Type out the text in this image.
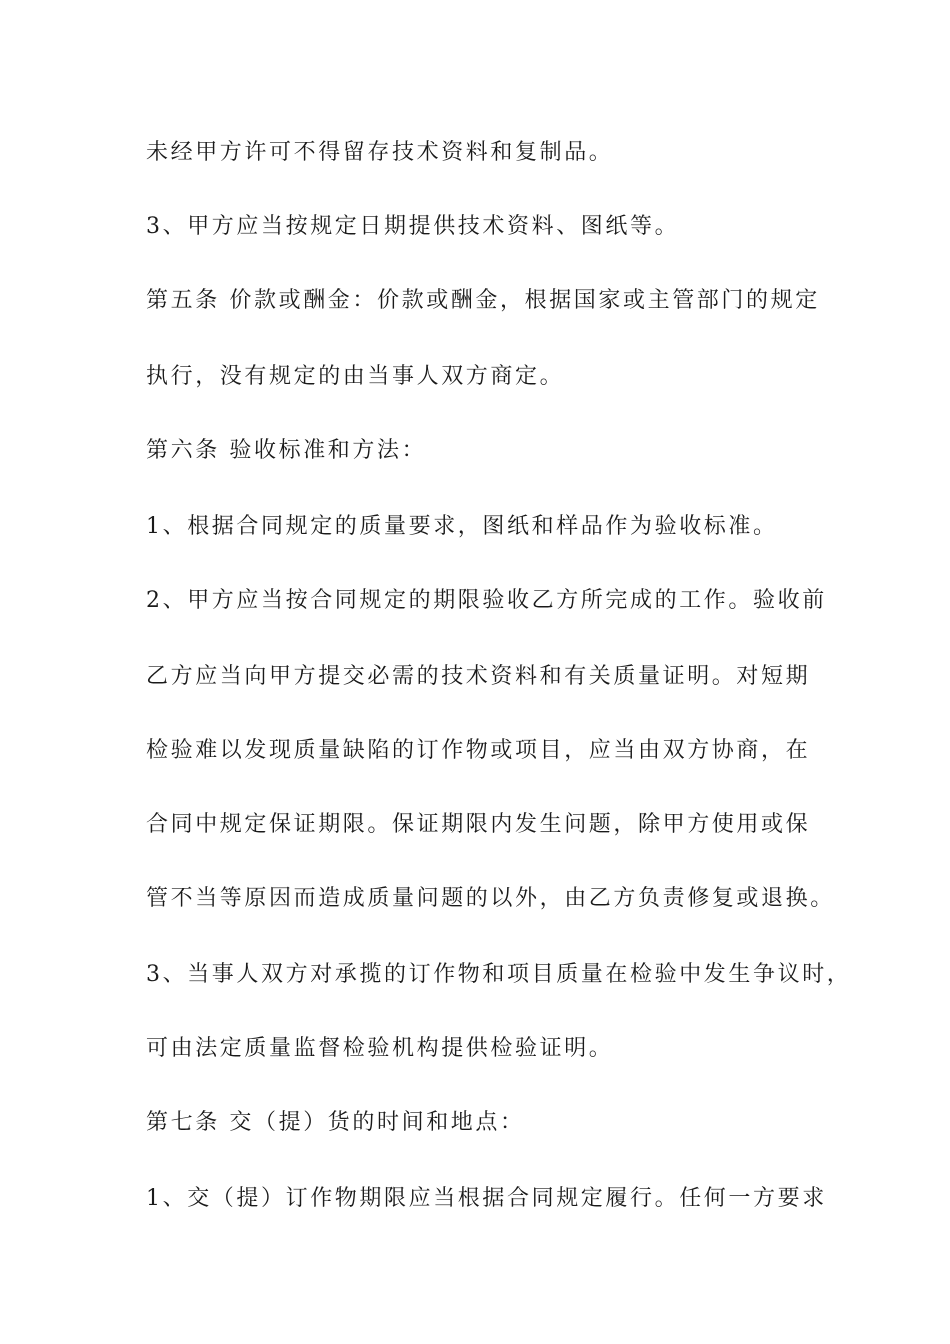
未经甲方许可不得留存技术资料和复制品。
3、甲方应当按规定日期提供技术资料、图纸等。
第五条 价款或酬金：价款或酬金，根据国家或主管部门的规定
执行，没有规定的由当事人双方商定。
第六条 验收标准和方法：
1、根据合同规定的质量要求，图纸和样品作为验收标准。
2、甲方应当按合同规定的期限验收乙方所完成的工作。验收前
乙方应当向甲方提交必需的技术资料和有关质量证明。对短期
检验难以发现质量缺陷的订作物或项目，应当由双方协商，在
合同中规定保证期限。保证期限内发生问题，除甲方使用或保
管不当等原因而造成质量问题的以外，由乙方负责修复或退换。
3、当事人双方对承揽的订作物和项目质量在检验中发生争议时，
可由法定质量监督检验机构提供检验证明。
第七条 交（提）货的时间和地点：
1、交（提）订作物期限应当根据合同规定履行。任何一方要求
